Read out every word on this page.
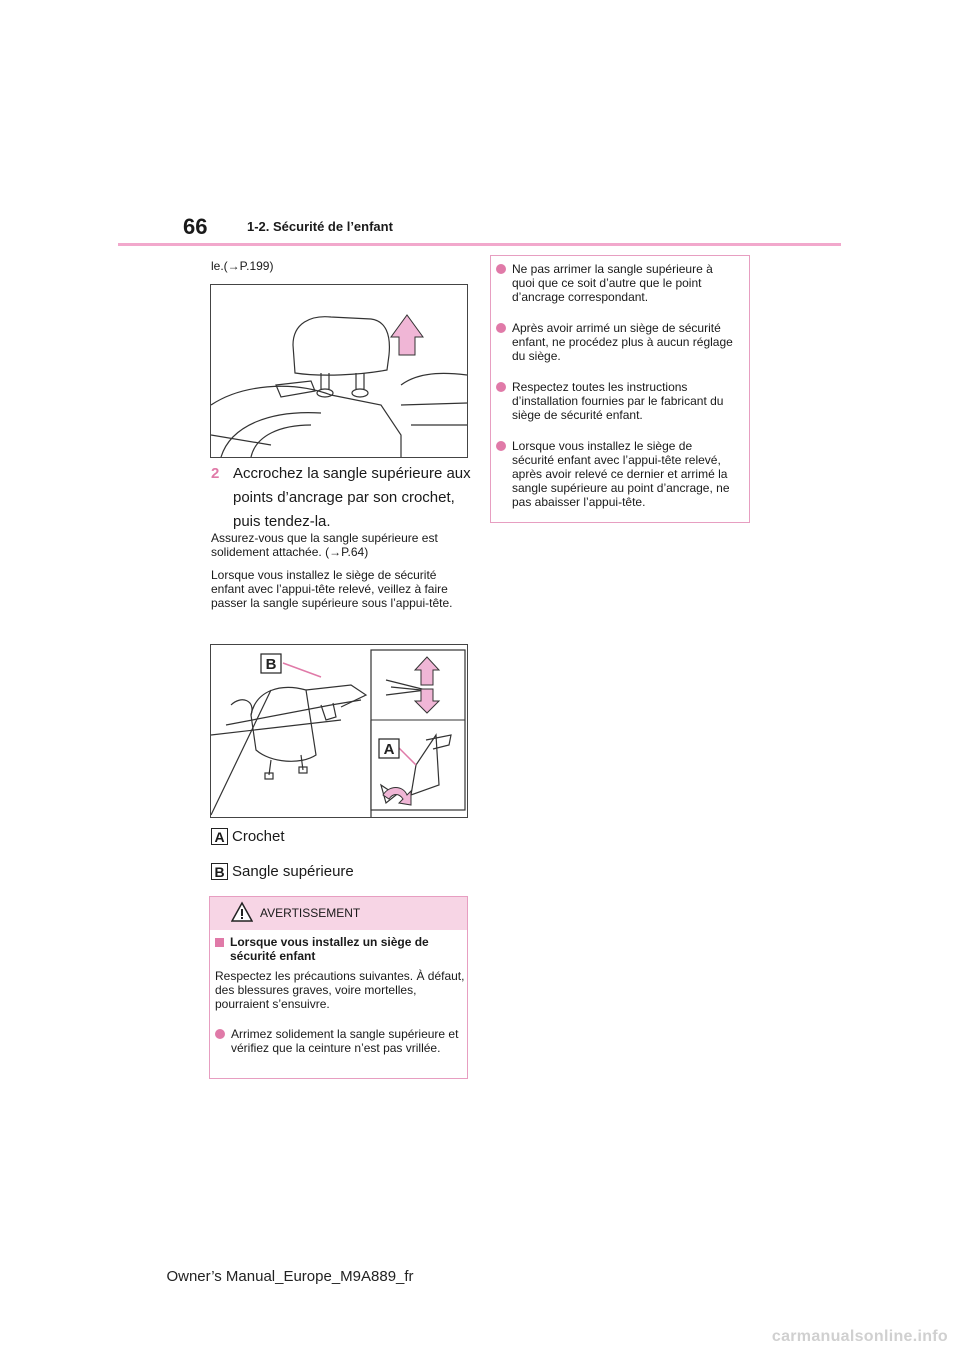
66	1-2. Sécurité de l’enfant
le.(→P.199)
2 Accrochez la sangle supérieure aux points d’ancrage par son crochet, puis tendez-la.
Assurez-vous que la sangle supérieure est solidement attachée. (→P.64)
Lorsque vous installez le siège de sécurité enfant avec l’appui-tête relevé, veillez à faire passer la sangle supérieure sous l’appui-tête.
B
A
A Crochet
B Sangle supérieure
AVERTISSEMENT
Lorsque vous installez un siège de sécurité enfant
Respectez les précautions suivantes. À défaut, des blessures graves, voire mortelles, pourraient s’ensuivre.
Arrimez solidement la sangle supérieure et vérifiez que la ceinture n’est pas vrillée.
Ne pas arrimer la sangle supérieure à quoi que ce soit d’autre que le point d’ancrage correspondant.
Après avoir arrimé un siège de sécurité enfant, ne procédez plus à aucun réglage du siège.
Respectez toutes les instructions d’installation fournies par le fabricant du siège de sécurité enfant.
Lorsque vous installez le siège de sécurité enfant avec l’appui-tête relevé, après avoir relevé ce dernier et arrimé la sangle supérieure au point d’ancrage, ne pas abaisser l’appui-tête.
Owner’s Manual_Europe_M9A889_fr
carmanualsonline.info
